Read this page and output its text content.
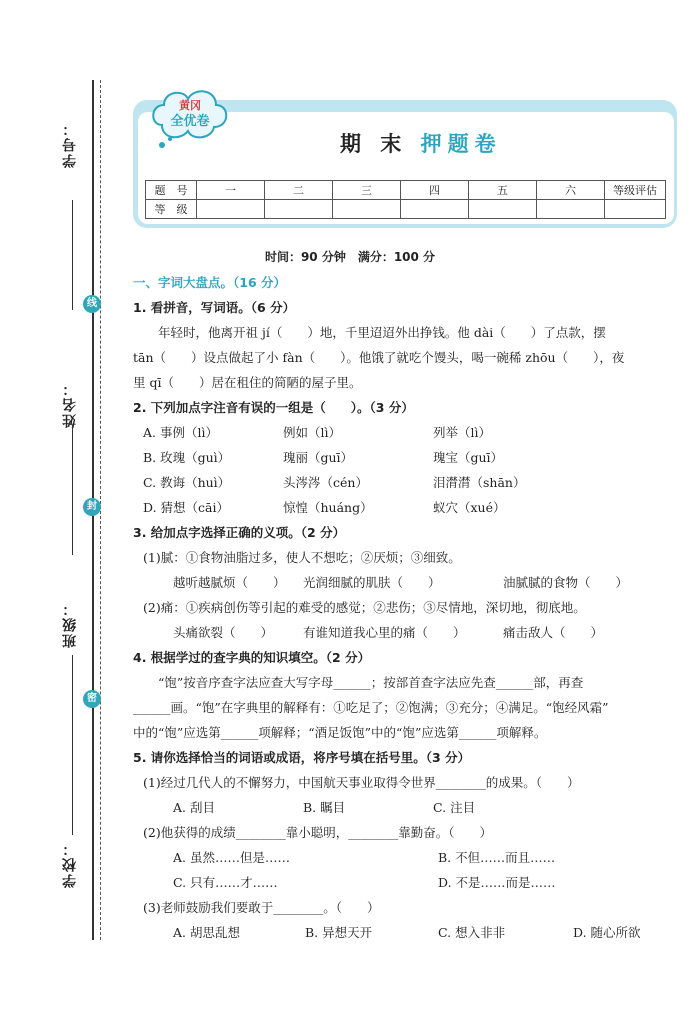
学号：
姓名：
班级：
学校：
线
封
密
黄冈
全优卷
期 末 押题卷
题　号	一	二	三	四	五	六	等级评估
等　级							
时间：90 分钟　满分：100 分
一、字词大盘点。（16 分）
1. 看拼音，写词语。（6 分）
　　年轻时，他离开祖 jí（　　）地，千里迢迢外出挣钱。他 dài（　　）了点款，摆
tān（　　）设点做起了小 fàn（　　）。他饿了就吃个馒头，喝一碗稀 zhōu（　　），夜
里 qī（　　）居在租住的简陋的屋子里。
2. 下列加点字注音有误的一组是（　　）。（3 分）
A. 事例（lì）	例如（lì）	列举（lì）
B. 玫瑰（guì）	瑰丽（guī）	瑰宝（guī）
C. 教诲（huì）	头涔涔（cén）	泪潸潸（shān）
D. 猜想（cāi）	惊惶（huáng）	蚁穴（xué）
3. 给加点字选择正确的义项。（2 分）
(1)腻：①食物油脂过多，使人不想吃；②厌烦；③细致。
越听越腻烦（　　）	光润细腻的肌肤（　　）	油腻腻的食物（　　）
(2)痛：①疾病创伤等引起的难受的感觉；②悲伤；③尽情地，深切地，彻底地。
头痛欲裂（　　）	有谁知道我心里的痛（　　）	痛击敌人（　　）
4. 根据学过的查字典的知识填空。（2 分）
　　“饱”按音序查字法应查大写字母______；按部首查字法应先查______部，再查
______画。“饱”在字典里的解释有：①吃足了；②饱满；③充分；④满足。“饱经风霜”
中的“饱”应选第______项解释；“酒足饭饱”中的“饱”应选第______项解释。
5. 请你选择恰当的词语或成语，将序号填在括号里。（3 分）
(1)经过几代人的不懈努力，中国航天事业取得令世界________的成果。（　　）
A. 刮目	B. 瞩目	C. 注目
(2)他获得的成绩________靠小聪明，________靠勤奋。（　　）
A. 虽然……但是……	B. 不但……而且……
C. 只有……才……	D. 不是……而是……
(3)老师鼓励我们要敢于________。（　　）
A. 胡思乱想	B. 异想天开	C. 想入非非	D. 随心所欲
